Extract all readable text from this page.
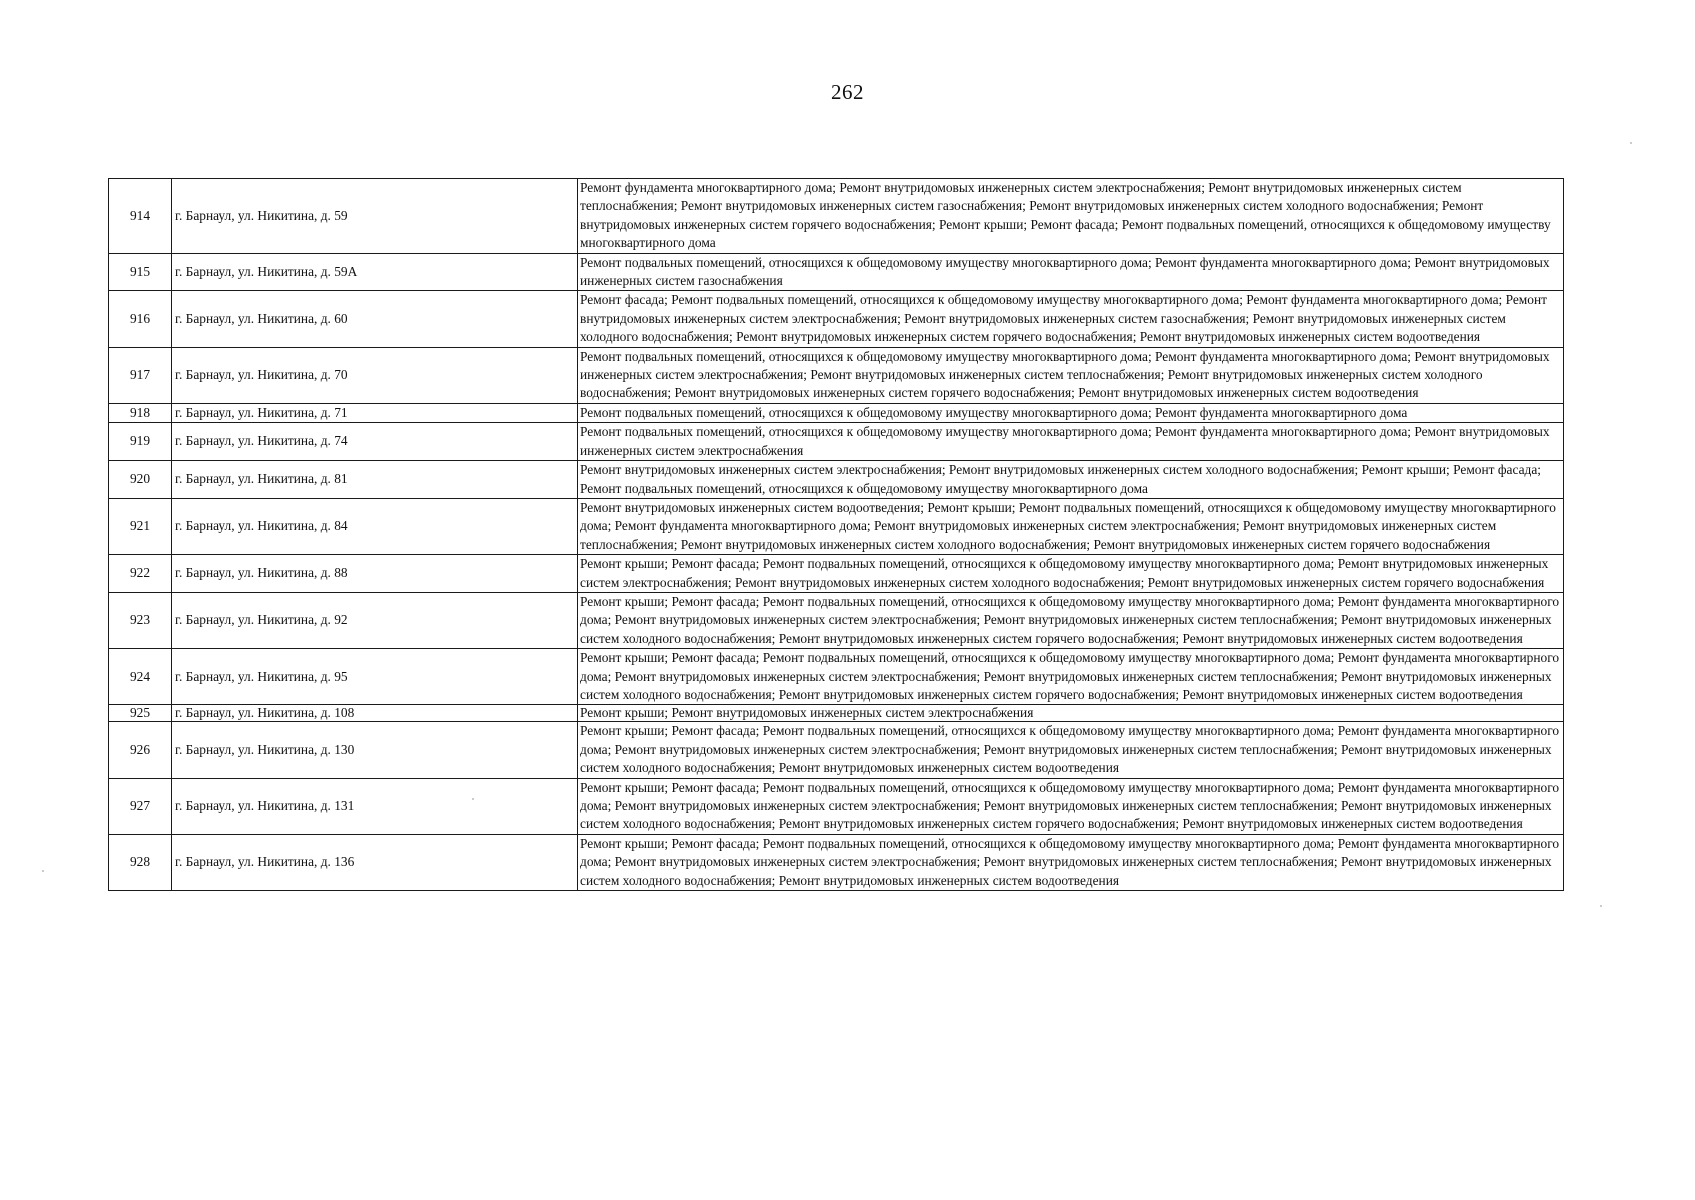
262
914	г. Барнаул, ул. Никитина, д. 59	Ремонт фундамента многоквартирного дома; Ремонт внутридомовых инженерных систем электроснабжения; Ремонт внутридомовых инженерных систем теплоснабжения; Ремонт внутридомовых инженерных систем газоснабжения; Ремонт внутридомовых инженерных систем холодного водоснабжения; Ремонт внутридомовых инженерных систем горячего водоснабжения; Ремонт крыши; Ремонт фасада; Ремонт подвальных помещений, относящихся к общедомовому имуществу многоквартирного дома
915	г. Барнаул, ул. Никитина, д. 59А	Ремонт подвальных помещений, относящихся к общедомовому имуществу многоквартирного дома; Ремонт фундамента многоквартирного дома; Ремонт внутридомовых инженерных систем газоснабжения
916	г. Барнаул, ул. Никитина, д. 60	Ремонт фасада; Ремонт подвальных помещений, относящихся к общедомовому имуществу многоквартирного дома; Ремонт фундамента многоквартирного дома; Ремонт внутридомовых инженерных систем электроснабжения; Ремонт внутридомовых инженерных систем газоснабжения; Ремонт внутридомовых инженерных систем холодного водоснабжения; Ремонт внутридомовых инженерных систем горячего водоснабжения; Ремонт внутридомовых инженерных систем водоотведения
917	г. Барнаул, ул. Никитина, д. 70	Ремонт подвальных помещений, относящихся к общедомовому имуществу многоквартирного дома; Ремонт фундамента многоквартирного дома; Ремонт внутридомовых инженерных систем электроснабжения; Ремонт внутридомовых инженерных систем теплоснабжения; Ремонт внутридомовых инженерных систем холодного водоснабжения; Ремонт внутридомовых инженерных систем горячего водоснабжения; Ремонт внутридомовых инженерных систем водоотведения
918	г. Барнаул, ул. Никитина, д. 71	Ремонт подвальных помещений, относящихся к общедомовому имуществу многоквартирного дома; Ремонт фундамента многоквартирного дома
919	г. Барнаул, ул. Никитина, д. 74	Ремонт подвальных помещений, относящихся к общедомовому имуществу многоквартирного дома; Ремонт фундамента многоквартирного дома; Ремонт внутридомовых инженерных систем электроснабжения
920	г. Барнаул, ул. Никитина, д. 81	Ремонт внутридомовых инженерных систем электроснабжения; Ремонт внутридомовых инженерных систем холодного водоснабжения; Ремонт крыши; Ремонт фасада; Ремонт подвальных помещений, относящихся к общедомовому имуществу многоквартирного дома
921	г. Барнаул, ул. Никитина, д. 84	Ремонт внутридомовых инженерных систем водоотведения; Ремонт крыши; Ремонт подвальных помещений, относящихся к общедомовому имуществу многоквартирного дома; Ремонт фундамента многоквартирного дома; Ремонт внутридомовых инженерных систем электроснабжения; Ремонт внутридомовых инженерных систем теплоснабжения; Ремонт внутридомовых инженерных систем холодного водоснабжения; Ремонт внутридомовых инженерных систем горячего водоснабжения
922	г. Барнаул, ул. Никитина, д. 88	Ремонт крыши; Ремонт фасада; Ремонт подвальных помещений, относящихся к общедомовому имуществу многоквартирного дома; Ремонт внутридомовых инженерных систем электроснабжения; Ремонт внутридомовых инженерных систем холодного водоснабжения; Ремонт внутридомовых инженерных систем горячего водоснабжения
923	г. Барнаул, ул. Никитина, д. 92	Ремонт крыши; Ремонт фасада; Ремонт подвальных помещений, относящихся к общедомовому имуществу многоквартирного дома; Ремонт фундамента многоквартирного дома; Ремонт внутридомовых инженерных систем электроснабжения; Ремонт внутридомовых инженерных систем теплоснабжения; Ремонт внутридомовых инженерных систем холодного водоснабжения; Ремонт внутридомовых инженерных систем горячего водоснабжения; Ремонт внутридомовых инженерных систем водоотведения
924	г. Барнаул, ул. Никитина, д. 95	Ремонт крыши; Ремонт фасада; Ремонт подвальных помещений, относящихся к общедомовому имуществу многоквартирного дома; Ремонт фундамента многоквартирного дома; Ремонт внутридомовых инженерных систем электроснабжения; Ремонт внутридомовых инженерных систем теплоснабжения; Ремонт внутридомовых инженерных систем холодного водоснабжения; Ремонт внутридомовых инженерных систем горячего водоснабжения; Ремонт внутридомовых инженерных систем водоотведения
925	г. Барнаул, ул. Никитина, д. 108	Ремонт крыши; Ремонт внутридомовых инженерных систем электроснабжения
926	г. Барнаул, ул. Никитина, д. 130	Ремонт крыши; Ремонт фасада; Ремонт подвальных помещений, относящихся к общедомовому имуществу многоквартирного дома; Ремонт фундамента многоквартирного дома; Ремонт внутридомовых инженерных систем электроснабжения; Ремонт внутридомовых инженерных систем теплоснабжения; Ремонт внутридомовых инженерных систем холодного водоснабжения; Ремонт внутридомовых инженерных систем водоотведения
927	г. Барнаул, ул. Никитина, д. 131	Ремонт крыши; Ремонт фасада; Ремонт подвальных помещений, относящихся к общедомовому имуществу многоквартирного дома; Ремонт фундамента многоквартирного дома; Ремонт внутридомовых инженерных систем электроснабжения; Ремонт внутридомовых инженерных систем теплоснабжения; Ремонт внутридомовых инженерных систем холодного водоснабжения; Ремонт внутридомовых инженерных систем горячего водоснабжения; Ремонт внутридомовых инженерных систем водоотведения
928	г. Барнаул, ул. Никитина, д. 136	Ремонт крыши; Ремонт фасада; Ремонт подвальных помещений, относящихся к общедомовому имуществу многоквартирного дома; Ремонт фундамента многоквартирного дома; Ремонт внутридомовых инженерных систем электроснабжения; Ремонт внутридомовых инженерных систем теплоснабжения; Ремонт внутридомовых инженерных систем холодного водоснабжения; Ремонт внутридомовых инженерных систем водоотведения
